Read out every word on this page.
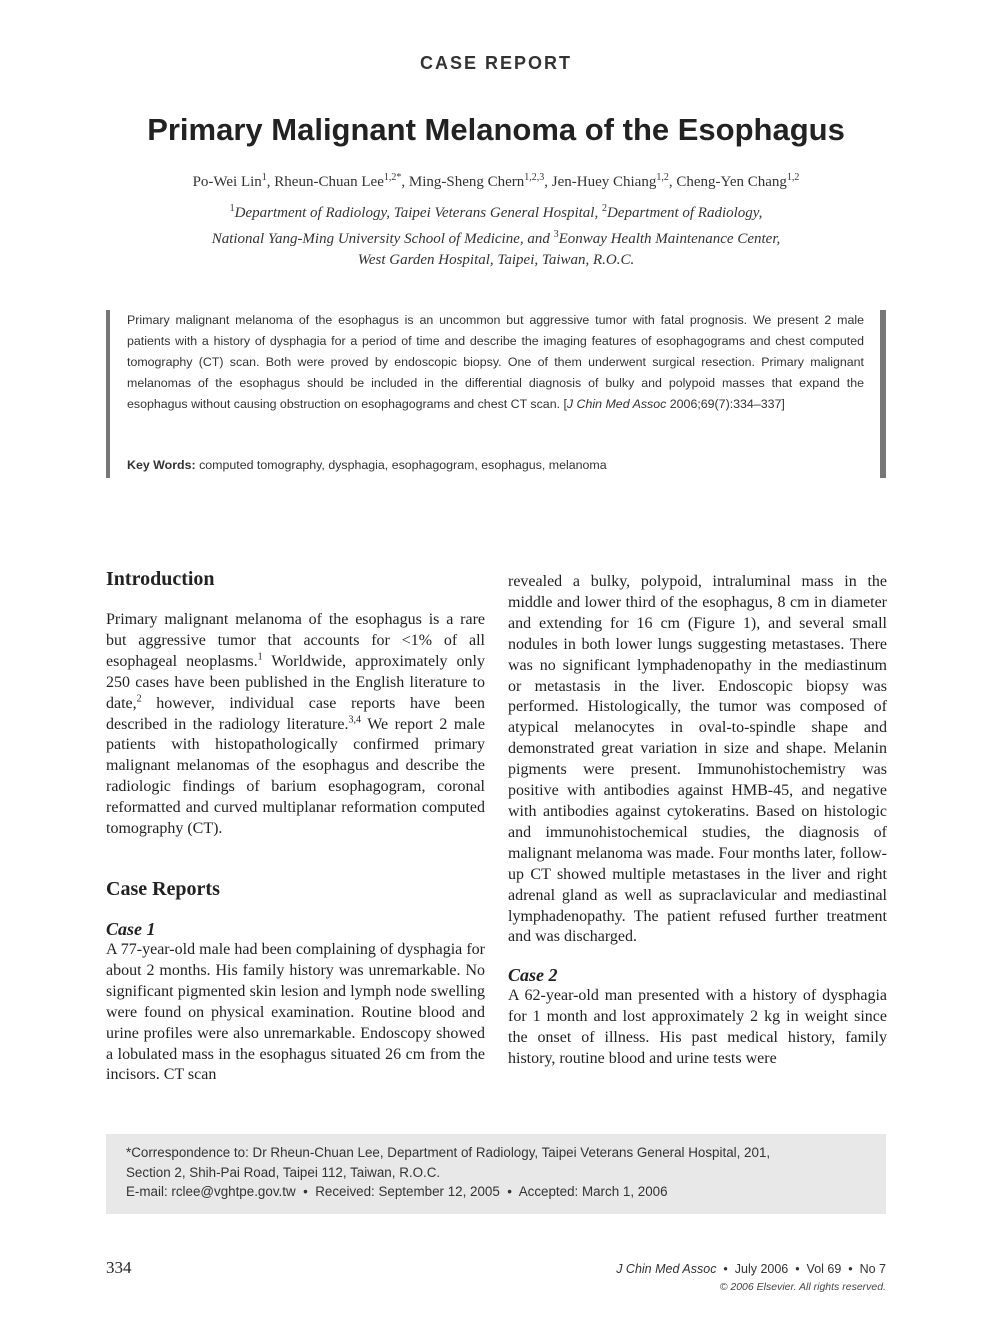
CASE REPORT
Primary Malignant Melanoma of the Esophagus
Po-Wei Lin$^1$, Rheun-Chuan Lee$^{1,2*}$, Ming-Sheng Chern$^{1,2,3}$, Jen-Huey Chiang$^{1,2}$, Cheng-Yen Chang$^{1,2}$
$^1$Department of Radiology, Taipei Veterans General Hospital, $^2$Department of Radiology,
National Yang-Ming University School of Medicine, and $^3$Eonway Health Maintenance Center,
West Garden Hospital, Taipei, Taiwan, R.O.C.

Primary malignant melanoma of the esophagus is an uncommon but aggressive tumor with fatal prognosis. We present 2 male patients with a history of dysphagia for a period of time and describe the imaging features of esophagograms and chest computed tomography (CT) scan. Both were proved by endoscopic biopsy. One of them underwent surgical resection. Primary malignant melanomas of the esophagus should be included in the differential diagnosis of bulky and polypoid masses that expand the esophagus without causing obstruction on esophagograms and chest CT scan. [J Chin Med Assoc 2006;69(7):334–337]

Key Words: computed tomography, dysphagia, esophagogram, esophagus, melanoma
Introduction

Primary malignant melanoma of the esophagus is a rare but aggressive tumor that accounts for <1% of all esophageal neoplasms.$^1$ Worldwide, approximately only 250 cases have been published in the English literature to date,$^2$ however, individual case reports have been described in the radiology literature.$^{3,4}$ We report 2 male patients with histopathologically confirmed primary malignant melanomas of the esophagus and describe the radiologic findings of barium esophagogram, coronal reformatted and curved multiplanar reformation computed tomography (CT).

Case Reports
Case 1

A 77-year-old male had been complaining of dysphagia for about 2 months. His family history was unremarkable. No significant pigmented skin lesion and lymph node swelling were found on physical examination. Routine blood and urine profiles were also unremarkable. Endoscopy showed a lobulated mass in the esophagus situated 26 cm from the incisors. CT scan

revealed a bulky, polypoid, intraluminal mass in the middle and lower third of the esophagus, 8 cm in diameter and extending for 16 cm (Figure 1), and several small nodules in both lower lungs suggesting metastases. There was no significant lymphadenopathy in the mediastinum or metastasis in the liver. Endoscopic biopsy was performed. Histologically, the tumor was composed of atypical melanocytes in oval-to-spindle shape and demonstrated great variation in size and shape. Melanin pigments were present. Immunohistochemistry was positive with antibodies against HMB-45, and negative with antibodies against cytokeratins. Based on histologic and immunohistochemical studies, the diagnosis of malignant melanoma was made. Four months later, follow-up CT showed multiple metastases in the liver and right adrenal gland as well as supraclavicular and mediastinal lymphadenopathy. The patient refused further treatment and was discharged.

Case 2

A 62-year-old man presented with a history of dysphagia for 1 month and lost approximately 2 kg in weight since the onset of illness. His past medical history, family history, routine blood and urine tests were

*Correspondence to: Dr Rheun-Chuan Lee, Department of Radiology, Taipei Veterans General Hospital, 201,
Section 2, Shih-Pai Road, Taipei 112, Taiwan, R.O.C.
E-mail: rclee@vghtpe.gov.tw  •  Received: September 12, 2005  •  Accepted: March 1, 2006
334	J Chin Med Assoc  •  July 2006  •  Vol 69  •  No 7
© 2006 Elsevier. All rights reserved.
